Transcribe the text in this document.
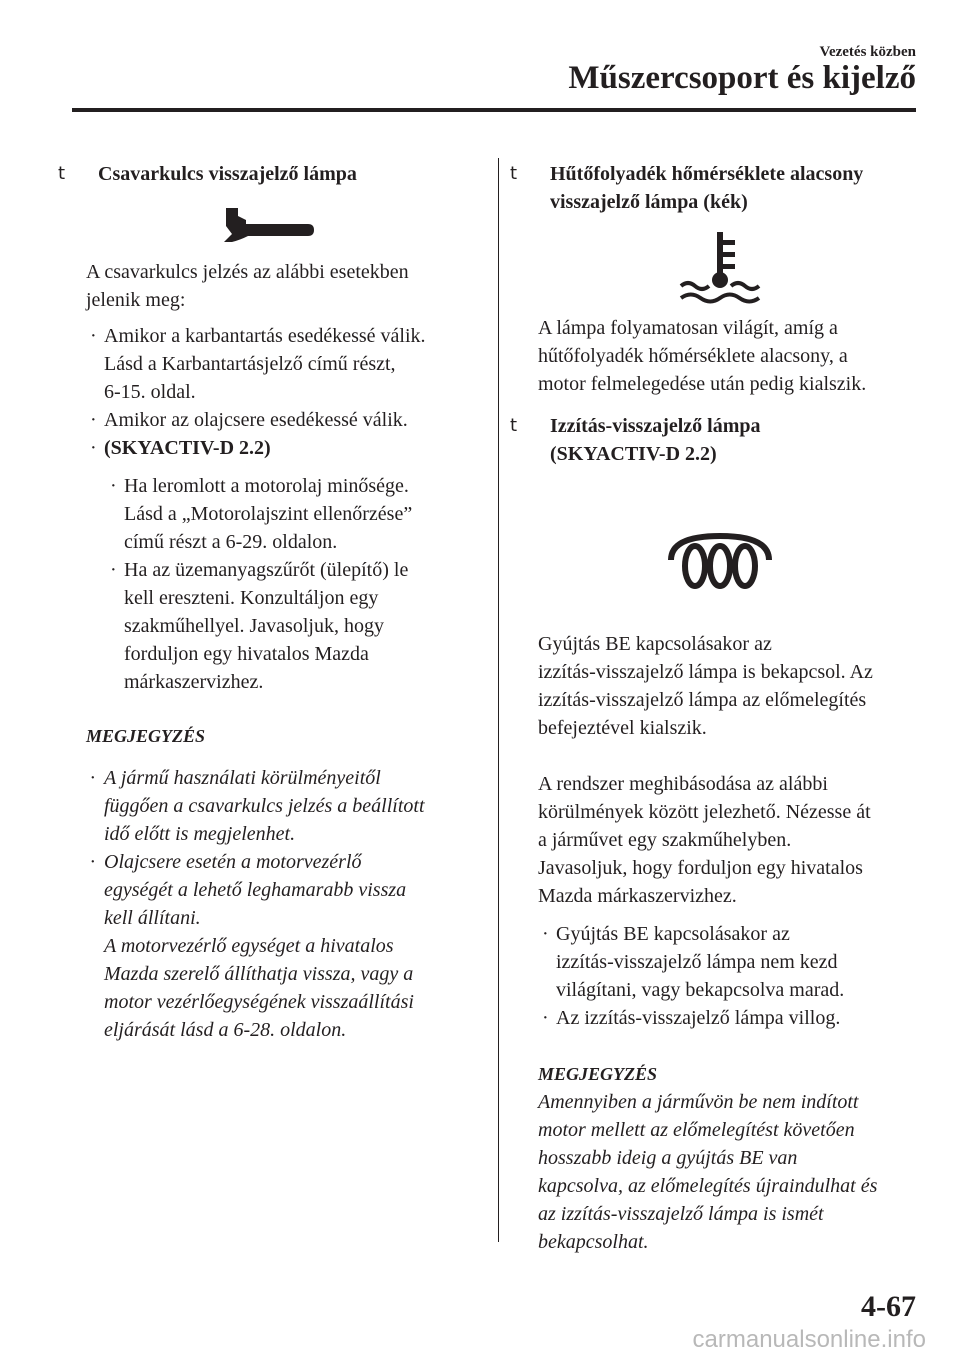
Vezetés közben
Műszercsoport és kijelző
t Csavarkulcs visszajelző lámpa
A csavarkulcs jelzés az alábbi esetekben
jelenik meg:
· Amikor a karbantartás esedékessé válik.
Lásd a Karbantartásjelző című részt,
6-15. oldal.
· Amikor az olajcsere esedékessé válik.
· (SKYACTIV-D 2.2)
· Ha leromlott a motorolaj minősége.
Lásd a „Motorolajszint ellenőrzése”
című részt a 6-29. oldalon.
· Ha az üzemanyagszűrőt (ülepítő) le
kell ereszteni. Konzultáljon egy
szakműhellyel. Javasoljuk, hogy
forduljon egy hivatalos Mazda
márkaszervizhez.
MEGJEGYZÉS
· A jármű használati körülményeitől
függően a csavarkulcs jelzés a beállított
idő előtt is megjelenhet.
· Olajcsere esetén a motorvezérlő
egységét a lehető leghamarabb vissza
kell állítani.
A motorvezérlő egységet a hivatalos
Mazda szerelő állíthatja vissza, vagy a
motor vezérlőegységének visszaállítási
eljárását lásd a 6-28. oldalon.
t Hűtőfolyadék hőmérséklete alacsony
visszajelző lámpa (kék)
A lámpa folyamatosan világít, amíg a
hűtőfolyadék hőmérséklete alacsony, a
motor felmelegedése után pedig kialszik.
t Izzítás-visszajelző lámpa
(SKYACTIV-D 2.2)
Gyújtás BE kapcsolásakor az
izzítás-visszajelző lámpa is bekapcsol. Az
izzítás-visszajelző lámpa az előmelegítés
befejeztével kialszik.
A rendszer meghibásodása az alábbi
körülmények között jelezhető. Nézesse át
a járművet egy szakműhelyben.
Javasoljuk, hogy forduljon egy hivatalos
Mazda márkaszervizhez.
· Gyújtás BE kapcsolásakor az
izzítás-visszajelző lámpa nem kezd
világítani, vagy bekapcsolva marad.
· Az izzítás-visszajelző lámpa villog.
MEGJEGYZÉS
Amennyiben a járművön be nem indított
motor mellett az előmelegítést követően
hosszabb ideig a gyújtás BE van
kapcsolva, az előmelegítés újraindulhat és
az izzítás-visszajelző lámpa is ismét
bekapcsolhat.
4-67
carmanualsonline.info
